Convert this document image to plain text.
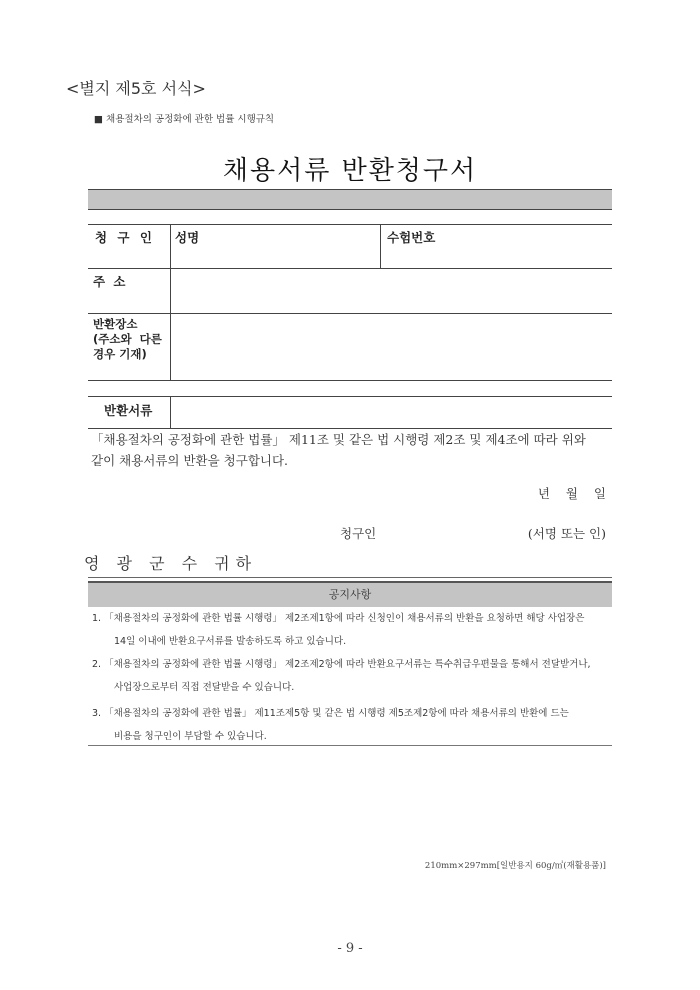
<별지 제5호 서식>
■ 채용절차의 공정화에 관한 법률 시행규칙
채용서류 반환청구서
청 구 인 성명	수험번호
주 소
반환장소
(주소와  다른
경우 기재)
반환서류
「채용절차의 공정화에 관한 법률」 제11조 및 같은 법 시행령 제2조 및 제4조에 따라 위와
같이 채용서류의 반환을 청구합니다.
년 월 일
청구인	(서명 또는 인)
영 광 군 수 귀하
공지사항
1. 「채용절차의 공정화에 관한 법률 시행령」 제2조제1항에 따라 신청인이 채용서류의 반환을 요청하면 해당 사업장은
14일 이내에 반환요구서류를 발송하도록 하고 있습니다.
2. 「채용절차의 공정화에 관한 법률 시행령」 제2조제2항에 따라 반환요구서류는 특수취급우편물을 통해서 전달받거나,
사업장으로부터 직접 전달받을 수 있습니다.
3. 「채용절차의 공정화에 관한 법률」 제11조제5항 및 같은 법 시행령 제5조제2항에 따라 채용서류의 반환에 드는
비용을 청구인이 부담할 수 있습니다.
210mm×297mm[일반용지 60g/㎡(재활용품)]
- 9 -
